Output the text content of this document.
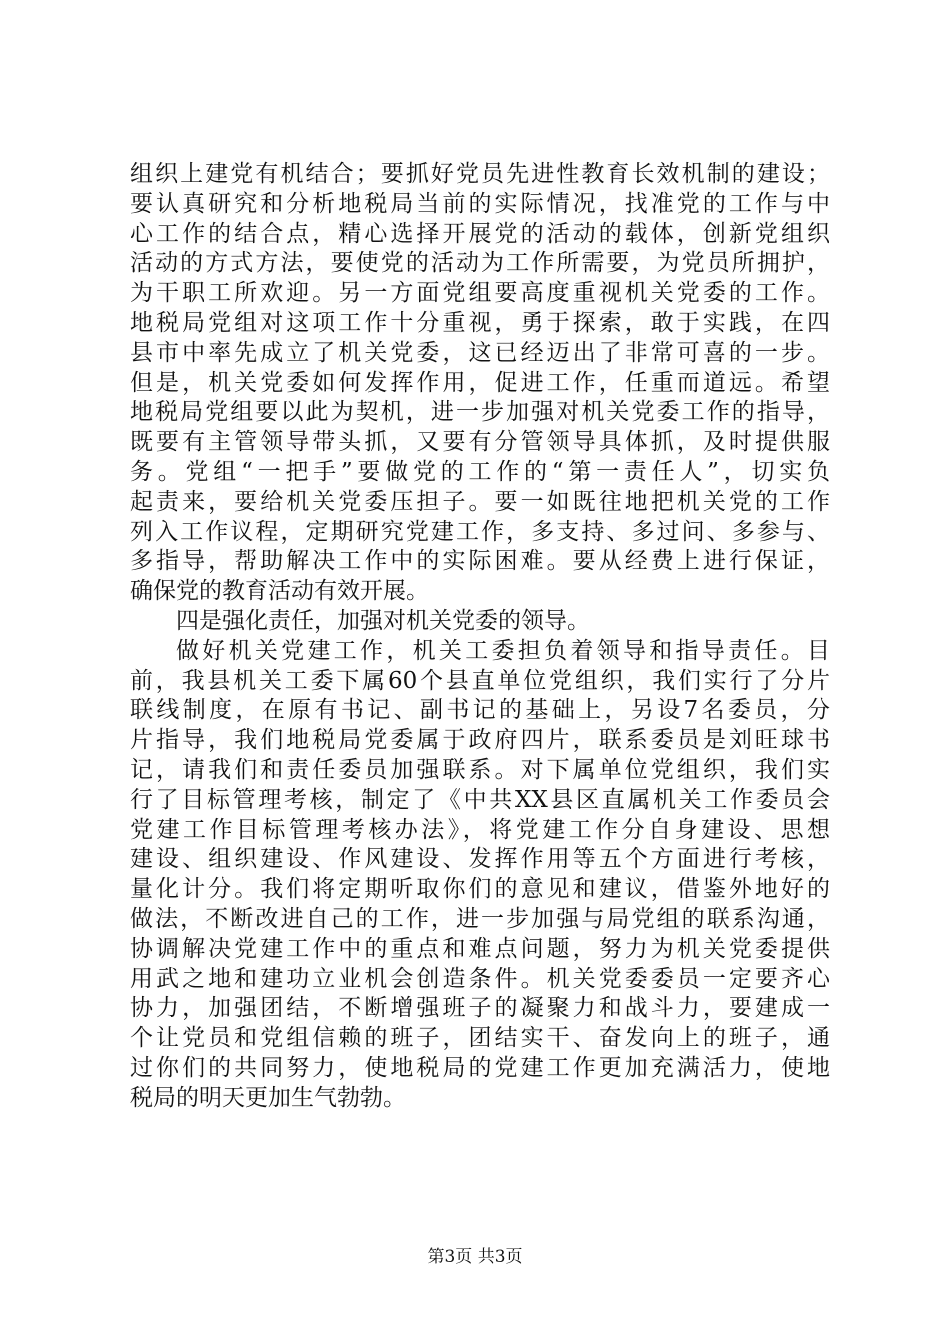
组织上建党有机结合；要抓好党员先进性教育长效机制的建设；
要认真研究和分析地税局当前的实际情况，找准党的工作与中
心工作的结合点，精心选择开展党的活动的载体，创新党组织
活动的方式方法，要使党的活动为工作所需要，为党员所拥护，
为干职工所欢迎。另一方面党组要高度重视机关党委的工作。
地税局党组对这项工作十分重视，勇于探索，敢于实践，在四
县市中率先成立了机关党委，这已经迈出了非常可喜的一步。
但是，机关党委如何发挥作用，促进工作，任重而道远。希望
地税局党组要以此为契机，进一步加强对机关党委工作的指导，
既要有主管领导带头抓，又要有分管领导具体抓，及时提供服
务。党组“一把手”要做党的工作的“第一责任人”，切实负
起责来，要给机关党委压担子。要一如既往地把机关党的工作
列入工作议程，定期研究党建工作，多支持、多过问、多参与、
多指导，帮助解决工作中的实际困难。要从经费上进行保证，
确保党的教育活动有效开展。
四是强化责任，加强对机关党委的领导。
做好机关党建工作，机关工委担负着领导和指导责任。目
前，我县机关工委下属60个县直单位党组织，我们实行了分片
联线制度，在原有书记、副书记的基础上，另设7名委员，分
片指导，我们地税局党委属于政府四片，联系委员是刘旺球书
记，请我们和责任委员加强联系。对下属单位党组织，我们实
行了目标管理考核，制定了《中共XX县区直属机关工作委员会
党建工作目标管理考核办法》，将党建工作分自身建设、思想
建设、组织建设、作风建设、发挥作用等五个方面进行考核，
量化计分。我们将定期听取你们的意见和建议，借鉴外地好的
做法，不断改进自己的工作，进一步加强与局党组的联系沟通，
协调解决党建工作中的重点和难点问题，努力为机关党委提供
用武之地和建功立业机会创造条件。机关党委委员一定要齐心
协力，加强团结，不断增强班子的凝聚力和战斗力，要建成一
个让党员和党组信赖的班子，团结实干、奋发向上的班子，通
过你们的共同努力，使地税局的党建工作更加充满活力，使地
税局的明天更加生气勃勃。
第3页 共3页
